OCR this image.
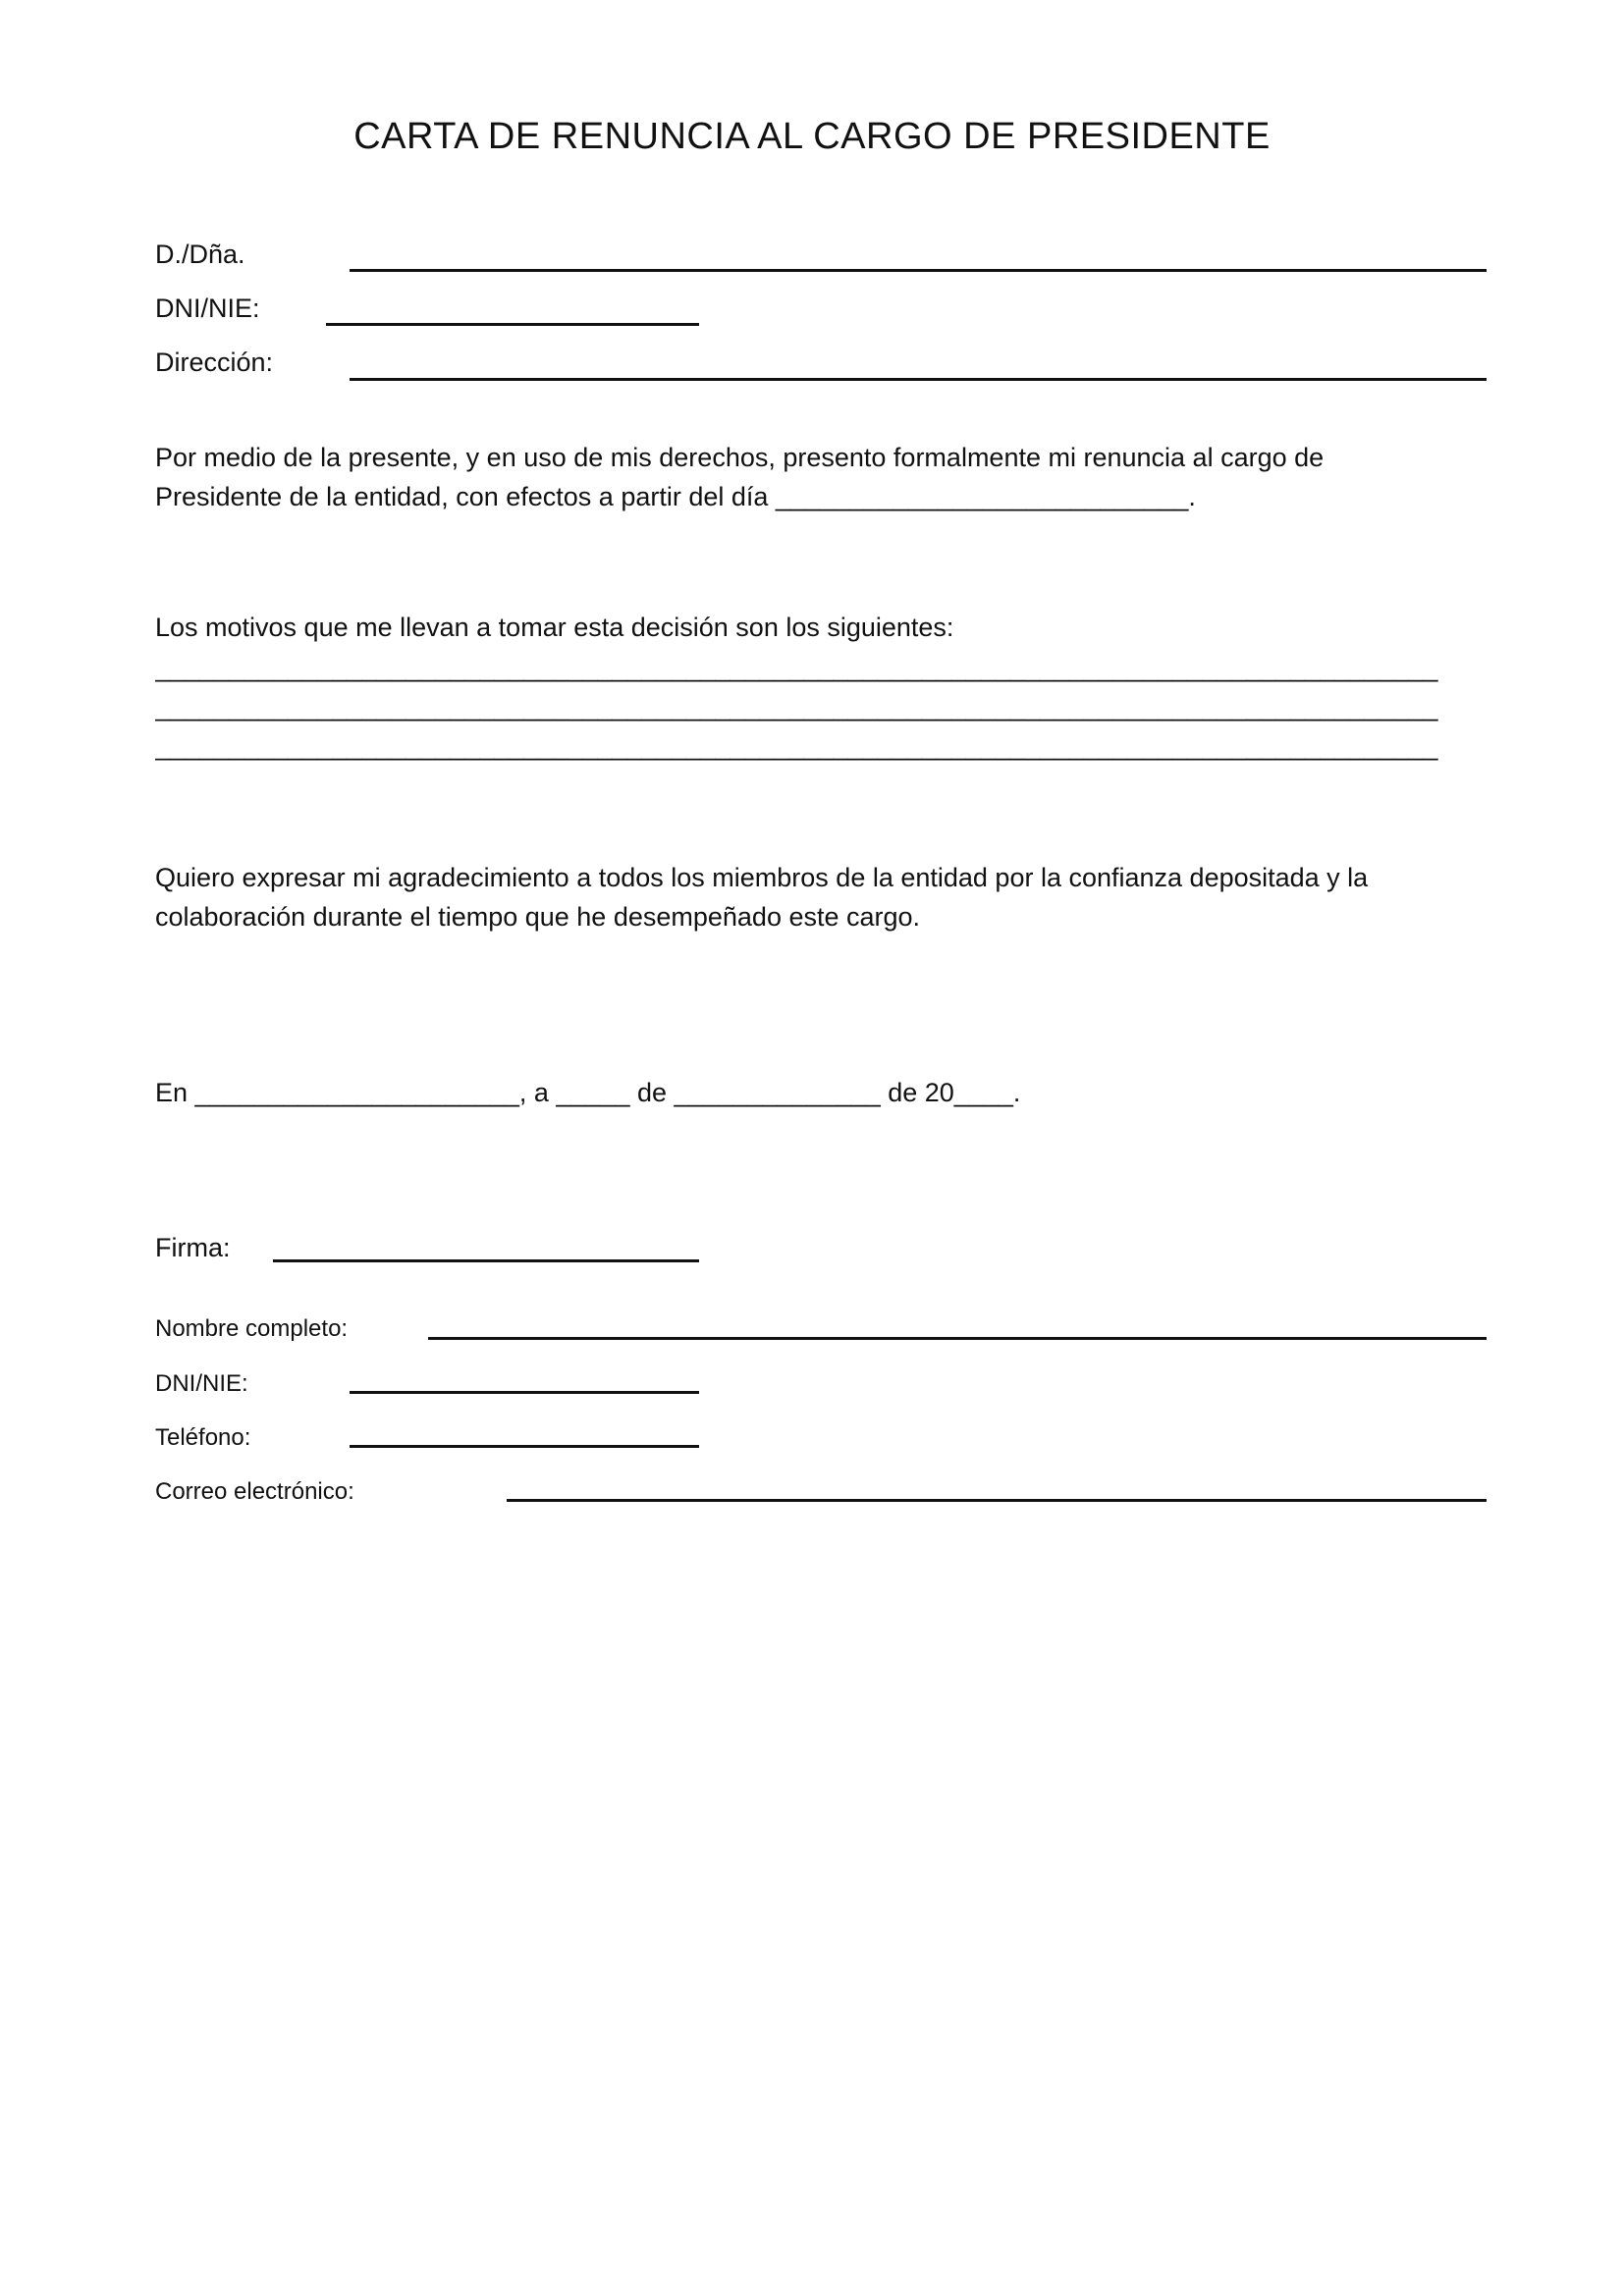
CARTA DE RENUNCIA AL CARGO DE PRESIDENTE
D./Dña.
DNI/NIE:
Dirección:

Por medio de la presente, y en uso de mis derechos, presento formalmente mi renuncia al cargo de
Presidente de la entidad, con efectos a partir del día ____________________________.

Los motivos que me llevan a tomar esta decisión son los siguientes:
_______________________________________________________________________________________
_______________________________________________________________________________________
_______________________________________________________________________________________

Quiero expresar mi agradecimiento a todos los miembros de la entidad por la confianza depositada y la
colaboración durante el tiempo que he desempeñado este cargo.

En ______________________, a _____ de ______________ de 20____.
Firma:
Nombre completo:
DNI/NIE:
Teléfono:
Correo electrónico:
